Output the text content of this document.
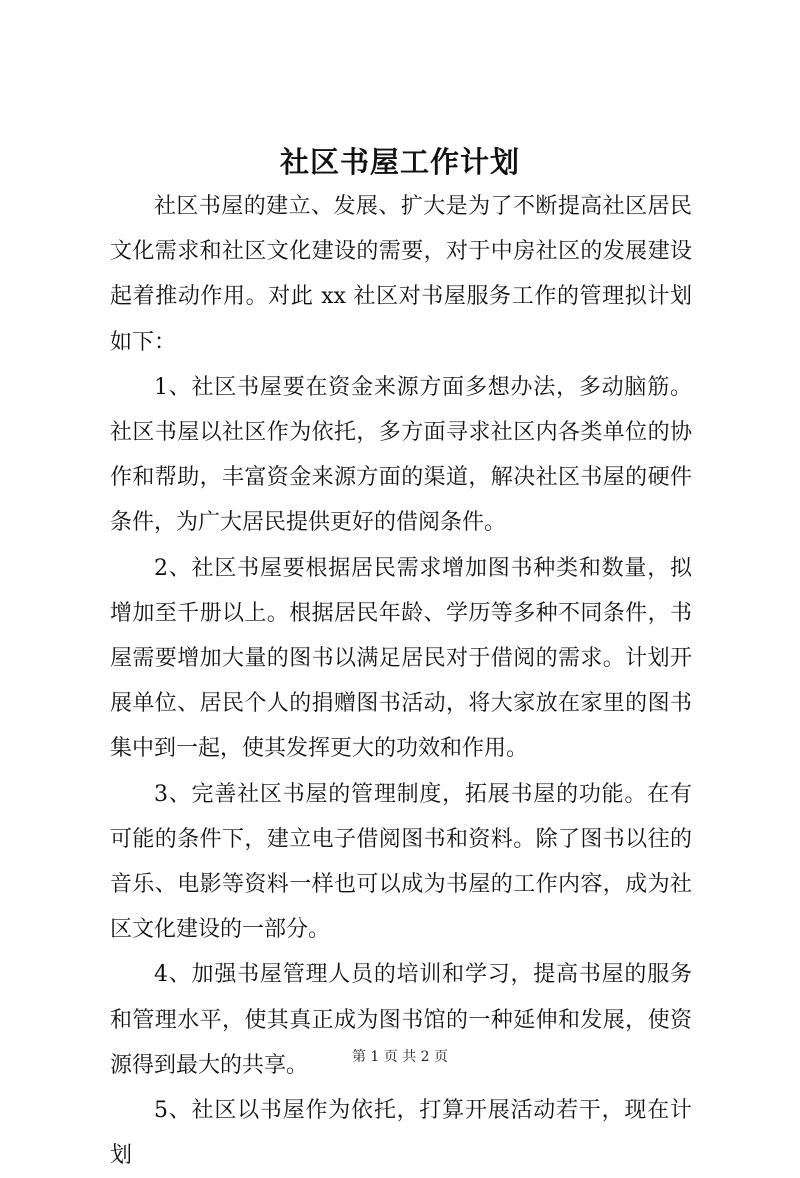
社区书屋工作计划

社区书屋的建立、发展、扩大是为了不断提高社区居民文化需求和社区文化建设的需要，对于中房社区的发展建设起着推动作用。对此 xx 社区对书屋服务工作的管理拟计划如下：

1、社区书屋要在资金来源方面多想办法，多动脑筋。社区书屋以社区作为依托，多方面寻求社区内各类单位的协作和帮助，丰富资金来源方面的渠道，解决社区书屋的硬件条件，为广大居民提供更好的借阅条件。

2、社区书屋要根据居民需求增加图书种类和数量，拟增加至千册以上。根据居民年龄、学历等多种不同条件，书屋需要增加大量的图书以满足居民对于借阅的需求。计划开展单位、居民个人的捐赠图书活动，将大家放在家里的图书集中到一起，使其发挥更大的功效和作用。

3、完善社区书屋的管理制度，拓展书屋的功能。在有可能的条件下，建立电子借阅图书和资料。除了图书以往的音乐、电影等资料一样也可以成为书屋的工作内容，成为社区文化建设的一部分。

4、加强书屋管理人员的培训和学习，提高书屋的服务和管理水平，使其真正成为图书馆的一种延伸和发展，使资源得到最大的共享。

5、社区以书屋作为依托，打算开展活动若干，现在计划

第 1 页 共 2 页
